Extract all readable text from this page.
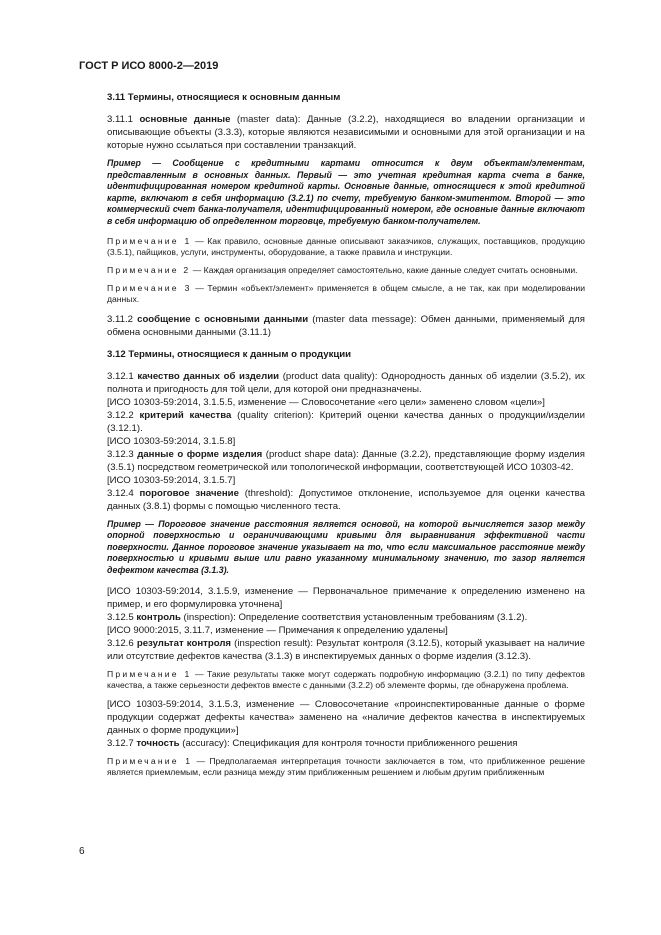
ГОСТ Р ИСО 8000-2—2019

3.11 Термины, относящиеся к основным данным

3.11.1 основные данные (master data): Данные (3.2.2), находящиеся во владении организации и описывающие объекты (3.3.3), которые являются независимыми и основными для этой организации и на которые нужно ссылаться при составлении транзакций.

Пример — Сообщение с кредитными картами относится к двум объектам/элементам, представленным в основных данных. Первый — это учетная кредитная карта счета в банке, идентифицированная номером кредитной карты. Основные данные, относящиеся к этой кредитной карте, включают в себя информацию (3.2.1) по счету, требуемую банком-эмитентом. Второй — это коммерческий счет банка-получателя, идентифицированный номером, где основные данные включают в себя информацию об определенном торговце, требуемую банком-получателем.

Примечание 1 — Как правило, основные данные описывают заказчиков, служащих, поставщиков, продукцию (3.5.1), пайщиков, услуги, инструменты, оборудование, а также правила и инструкции.

Примечание 2 — Каждая организация определяет самостоятельно, какие данные следует считать основными.

Примечание 3 — Термин «объект/элемент» применяется в общем смысле, а не так, как при моделировании данных.

3.11.2 сообщение с основными данными (master data message): Обмен данными, применяемый для обмена основными данными (3.11.1)

3.12 Термины, относящиеся к данным о продукции

3.12.1 качество данных об изделии (product data quality): Однородность данных об изделии (3.5.2), их полнота и пригодность для той цели, для которой они предназначены.

[ИСО 10303-59:2014, 3.1.5.5, изменение — Словосочетание «его цели» заменено словом «цели»]

3.12.2 критерий качества (quality criterion): Критерий оценки качества данных о продукции/изделии (3.12.1).

[ИСО 10303-59:2014, 3.1.5.8]

3.12.3 данные о форме изделия (product shape data): Данные (3.2.2), представляющие форму изделия (3.5.1) посредством геометрической или топологической информации, соответствующей ИСО 10303-42.

[ИСО 10303-59:2014, 3.1.5.7]

3.12.4 пороговое значение (threshold): Допустимое отклонение, используемое для оценки качества данных (3.8.1) формы с помощью численного теста.

Пример — Пороговое значение расстояния является основой, на которой вычисляется зазор между опорной поверхностью и ограничивающими кривыми для выравнивания эффективной части поверхности. Данное пороговое значение указывает на то, что если максимальное расстояние между поверхностью и кривыми выше или равно указанному минимальному значению, то зазор является дефектом качества (3.1.3).

[ИСО 10303-59:2014, 3.1.5.9, изменение — Первоначальное примечание к определению изменено на пример, и его формулировка уточнена]

3.12.5 контроль (inspection): Определение соответствия установленным требованиям (3.1.2).

[ИСО 9000:2015, 3.11.7, изменение — Примечания к определению удалены]

3.12.6 результат контроля (inspection result): Результат контроля (3.12.5), который указывает на наличие или отсутствие дефектов качества (3.1.3) в инспектируемых данных о форме изделия (3.12.3).

Примечание 1 — Такие результаты также могут содержать подробную информацию (3.2.1) по типу дефектов качества, а также серьезности дефектов вместе с данными (3.2.2) об элементе формы, где обнаружена проблема.

[ИСО 10303-59:2014, 3.1.5.3, изменение — Словосочетание «проинспектированные данные о форме продукции содержат дефекты качества» заменено на «наличие дефектов качества в инспектируемых данных о форме продукции»]

3.12.7 точность (accuracy): Спецификация для контроля точности приближенного решения

Примечание 1 — Предполагаемая интерпретация точности заключается в том, что приближенное решение является приемлемым, если разница между этим приближенным решением и любым другим приближенным

6
